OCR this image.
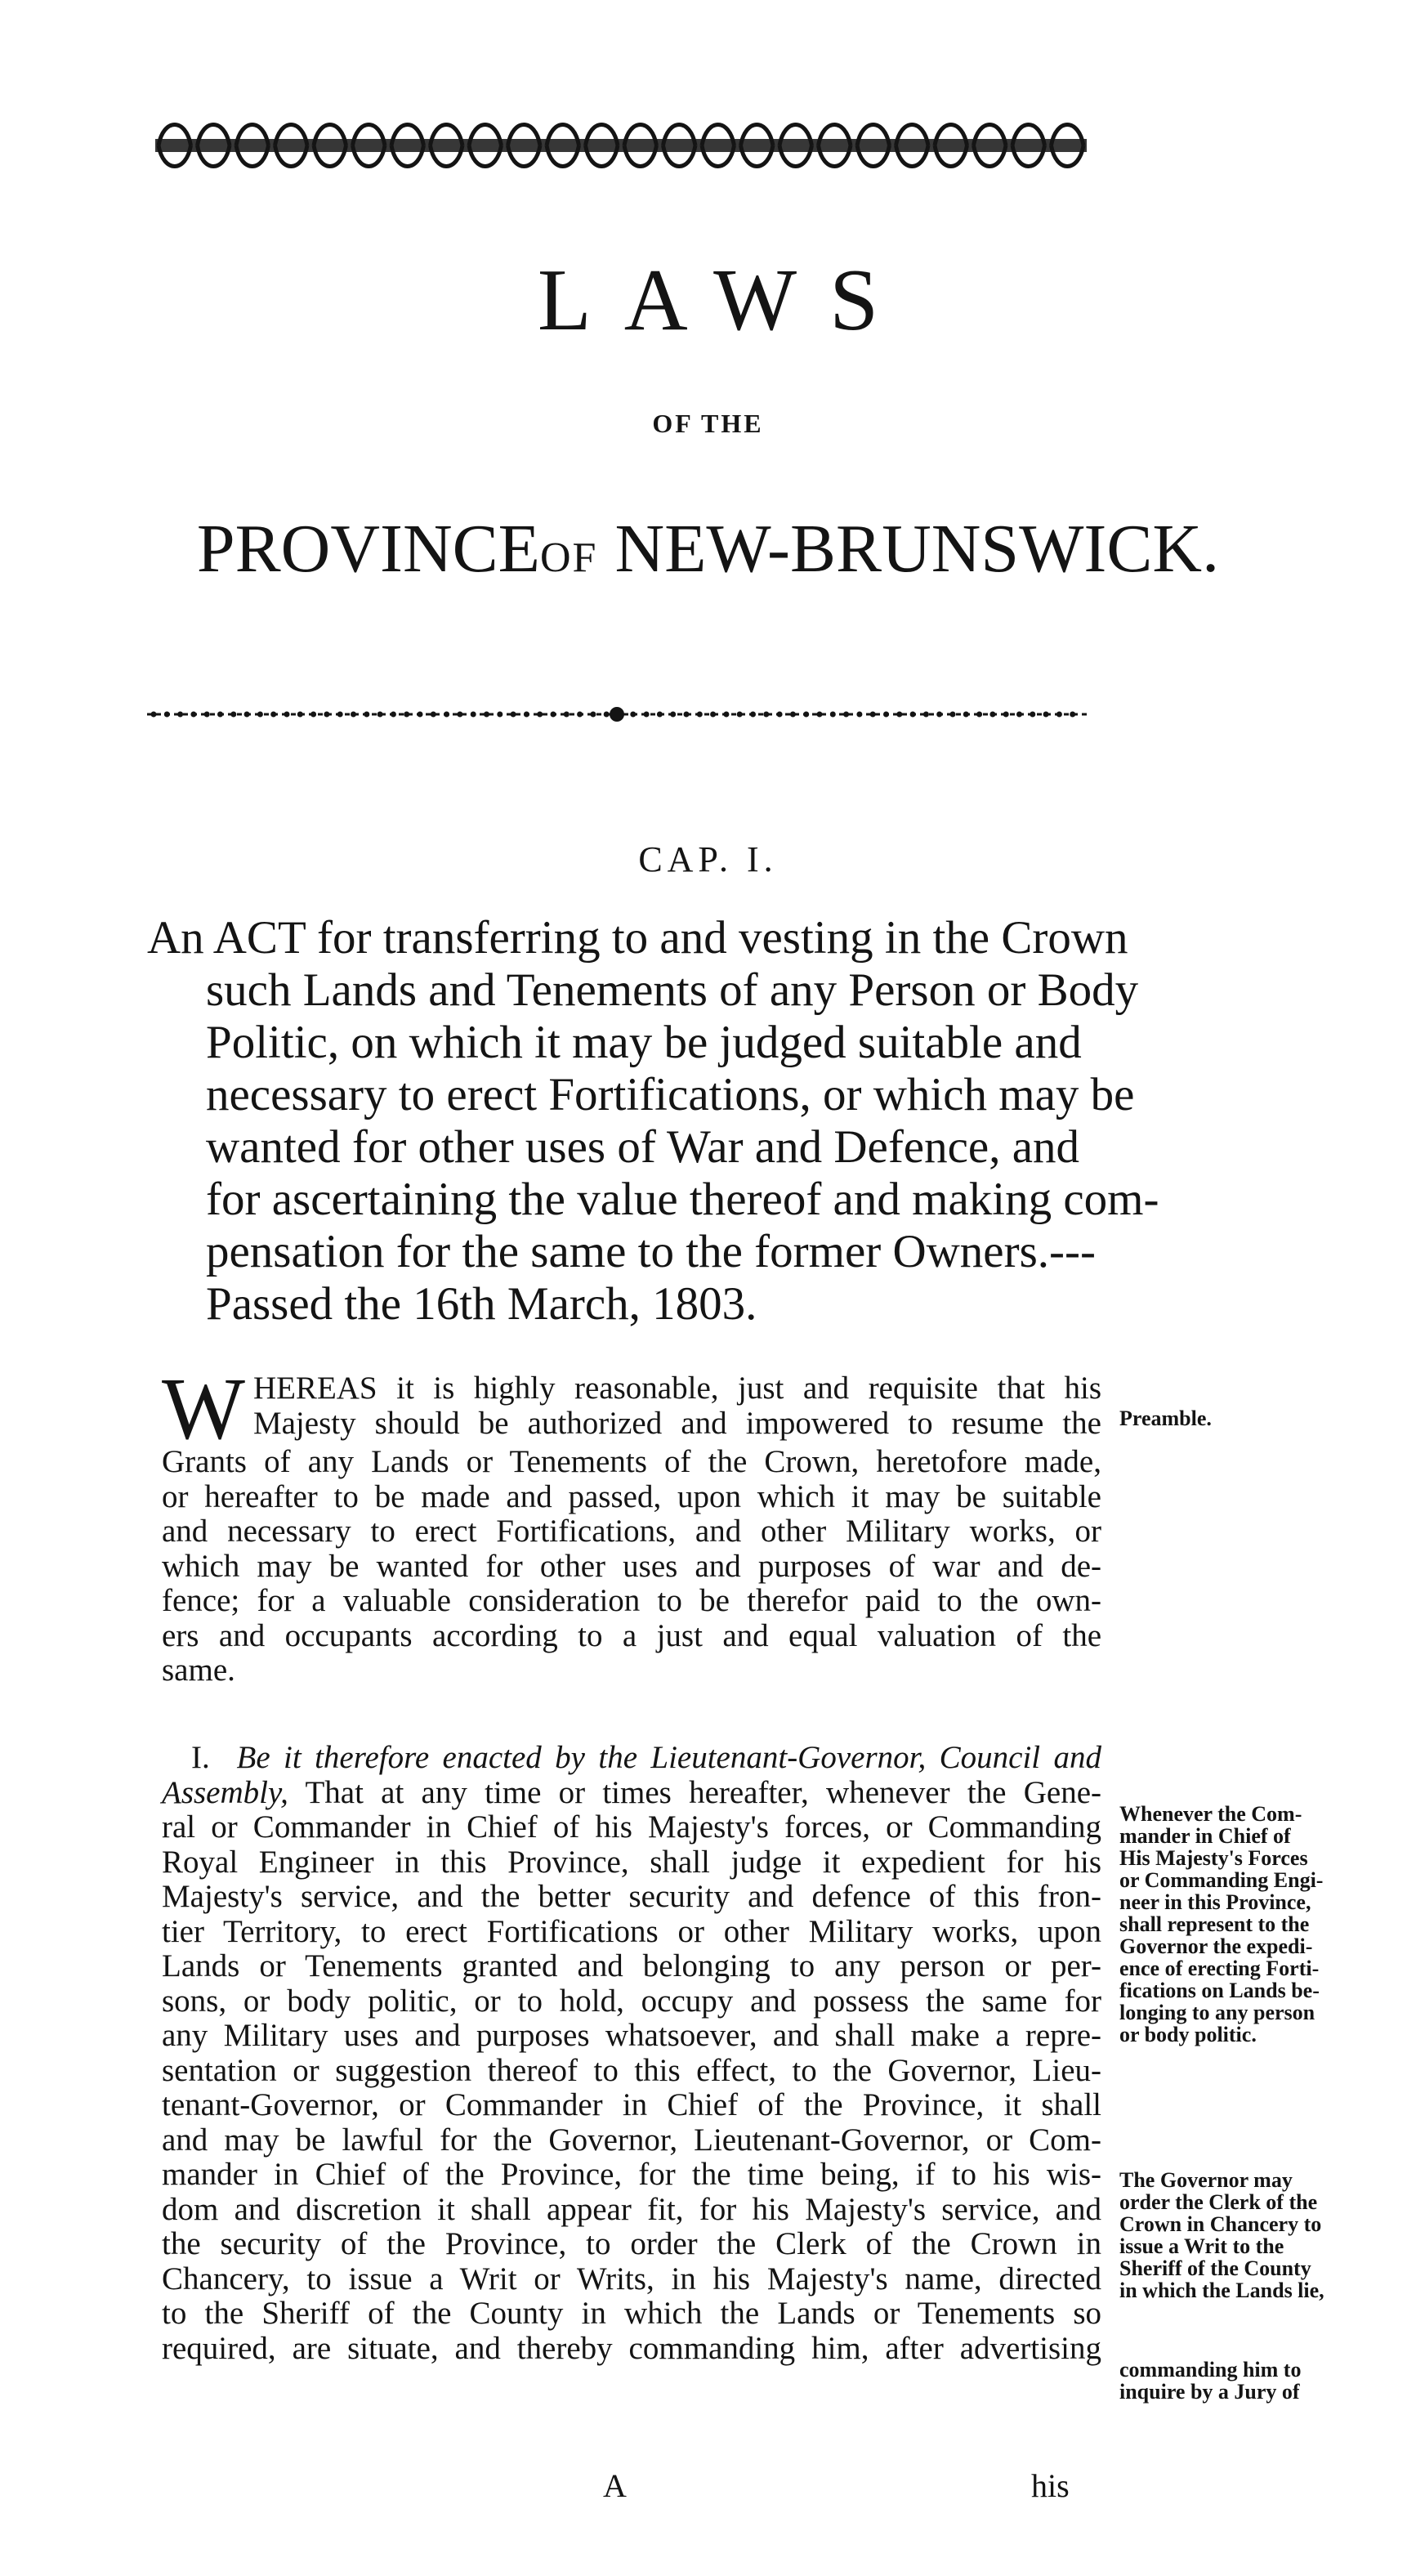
LAWS
OF THE
PROVINCEOF NEW-BRUNSWICK.
CAP. I.
An ACT for transferring to and vesting in the Crown
such Lands and Tenements of any Person or Body
Politic, on which it may be judged suitable and
necessary to erect Fortifications, or which may be
wanted for other uses of War and Defence, and
for ascertaining the value thereof and making com-
pensation for the same to the former Owners.---
Passed the 16th March, 1803.
W HEREAS it is highly reasonable, just and requisite that his
Majesty should be authorized and impowered to resume the
Grants of any Lands or Tenements of the Crown, heretofore made,
or hereafter to be made and passed, upon which it may be suitable
and necessary to erect Fortifications, and other Military works, or
which may be wanted for other uses and purposes of war and de-
fence; for a valuable consideration to be therefor paid to the own-
ers and occupants according to a just and equal valuation of the
same.
Preamble.
I. Be it therefore enacted by the Lieutenant-Governor, Council and
Assembly, That at any time or times hereafter, whenever the Gene-
ral or Commander in Chief of his Majesty's forces, or Commanding
Royal Engineer in this Province, shall judge it expedient for his
Majesty's service, and the better security and defence of this fron-
tier Territory, to erect Fortifications or other Military works, upon
Lands or Tenements granted and belonging to any person or per-
sons, or body politic, or to hold, occupy and possess the same for
any Military uses and purposes whatsoever, and shall make a repre-
sentation or suggestion thereof to this effect, to the Governor, Lieu-
tenant-Governor, or Commander in Chief of the Province, it shall
and may be lawful for the Governor, Lieutenant-Governor, or Com-
mander in Chief of the Province, for the time being, if to his wis-
dom and discretion it shall appear fit, for his Majesty's service, and
the security of the Province, to order the Clerk of the Crown in
Chancery, to issue a Writ or Writs, in his Majesty's name, directed
to the Sheriff of the County in which the Lands or Tenements so
required, are situate, and thereby commanding him, after advertising
Whenever the Com-
mander in Chief of
His Majesty's Forces
or Commanding Engi-
neer in this Province,
shall represent to the
Governor the expedi-
ence of erecting Forti-
fications on Lands be-
longing to any person
or body politic.
The Governor may
order the Clerk of the
Crown in Chancery to
issue a Writ to the
Sheriff of the County
in which the Lands lie,
commanding him to
inquire by a Jury of
A	his
